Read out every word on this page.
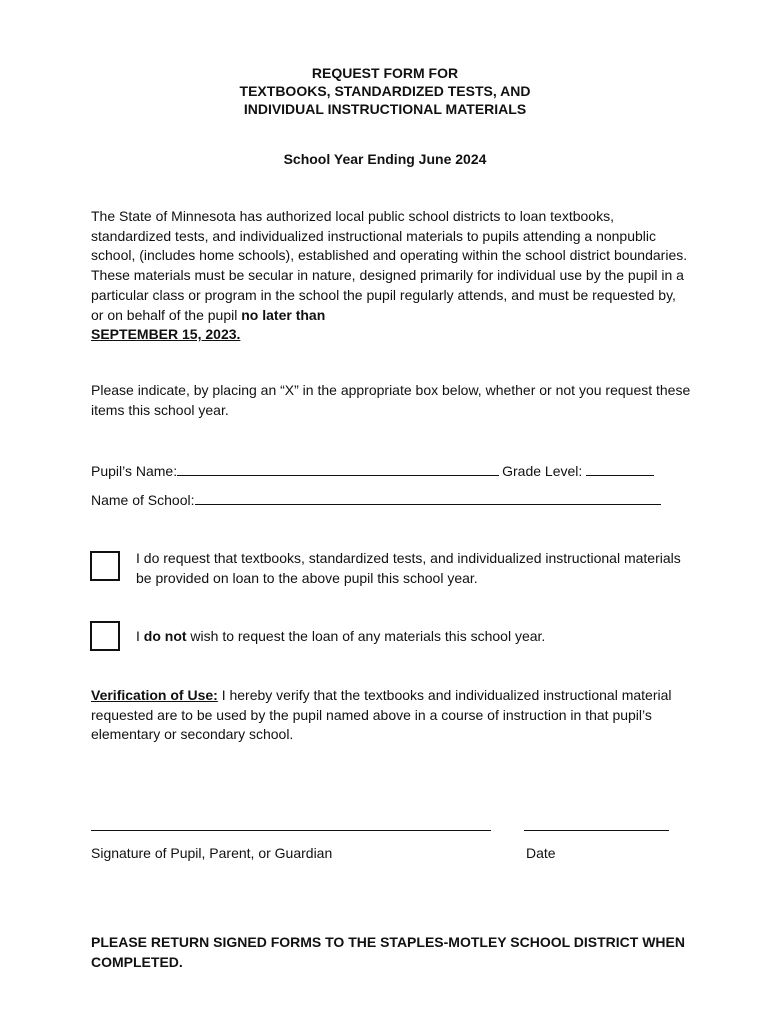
REQUEST FORM FOR
TEXTBOOKS, STANDARDIZED TESTS, AND
INDIVIDUAL INSTRUCTIONAL MATERIALS
School Year Ending June 2024
The State of Minnesota has authorized local public school districts to loan textbooks, standardized tests, and individualized instructional materials to pupils attending a nonpublic school, (includes home schools), established and operating within the school district boundaries. These materials must be secular in nature, designed primarily for individual use by the pupil in a particular class or program in the school the pupil regularly attends, and must be requested by, or on behalf of the pupil no later than
SEPTEMBER 15, 2023.
Please indicate, by placing an “X” in the appropriate box below, whether or not you request these items this school year.
Pupil’s Name:	Grade Level:
Name of School:
I do request that textbooks, standardized tests, and individualized instructional materials be provided on loan to the above pupil this school year.
I do not wish to request the loan of any materials this school year.
Verification of Use: I hereby verify that the textbooks and individualized instructional material requested are to be used by the pupil named above in a course of instruction in that pupil’s elementary or secondary school.
Signature of Pupil, Parent, or Guardian	Date
PLEASE RETURN SIGNED FORMS TO THE STAPLES-MOTLEY SCHOOL DISTRICT WHEN COMPLETED.
